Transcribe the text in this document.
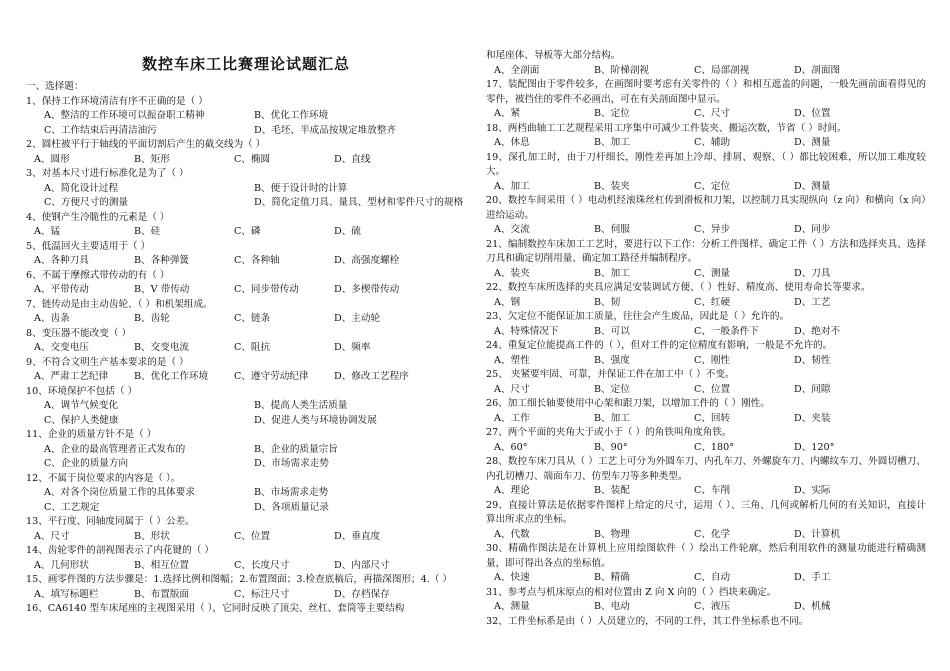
数控车床工比赛理论试题汇总
一、选择题：
1、保持工作环境清洁有序不正确的是（ ）
A、整洁的工作环境可以振奋职工精神	B、优化工作环境
C、工作结束后再清洁油污	D、毛坯、半成品按规定堆放整齐
2、圆柱被平行于轴线的平面切割后产生的截交线为（ ）
A、圆形	B、矩形	C、椭圆	D、直线
3、对基本尺寸进行标准化是为了（ ）
A、简化设计过程	B、便于设计时的计算
C、方便尺寸的测量	D、简化定值刀具、量具、型材和零件尺寸的规格
4、使钢产生冷脆性的元素是（ ）
A、锰	B、硅	C、磷	D、硫
5、低温回火主要适用于（ ）
A、各种刀具	B、各种弹簧	C、各种轴	D、高强度螺栓
6、不属于摩擦式带传动的有（ ）
A、平带传动	B、V 带传动	C、同步带传动	D、多楔带传动
7、链传动是由主动齿轮、（ ）和机架组成。
A、齿条	B、齿轮	C、链条	D、主动轮
8、变压器不能改变（ ）
A、交变电压	B、交变电流	C、阻抗	D、频率
9、不符合文明生产基本要求的是（ ）
A、严肃工艺纪律	B、优化工作环境	C、遵守劳动纪律	D、修改工艺程序
10、环境保护不包括（ ）
A、调节气候变化	B、提高人类生活质量
C、保护人类健康	D、促进人类与环境协调发展
11、企业的质量方针不是（ ）
A、企业的最高管理者正式发布的	B、企业的质量宗旨
C、企业的质量方向	D、市场需求走势
12、不属于岗位要求的内容是（ ）。
A、对各个岗位质量工作的具体要求	B、市场需求走势
C、工艺规定	D、各项质量记录
13、平行度、同轴度同属于（ ）公差。
A、尺寸	B、形状	C、位置	D、垂直度
14、齿轮零件的剖视图表示了内花键的（ ）
A、几何形状	B、相互位置	C、长度尺寸	D、内部尺寸
15、画零件图的方法步骤是：1.选择比例和图幅；2.布置图面；3.检查底稿后，再描深图形；4.（ ）
A、填写标题栏	B、布置版面	C、标注尺寸	D、存档保存
16、CA6140 型车床尾座的主视图采用（ ），它同时反映了顶尖、丝杠、套筒等主要结构
和尾座体、导板等大部分结构。
A、全剖面	B、阶梯剖视	C、局部剖视	D、剖面图
17、装配图由于零件较多，在画图时要考虑有关零件的（ ）和相互遮盖的问题，一般先画前面看得见的零件，被挡住的零件不必画出，可在有关剖面图中显示。
A、紧	B、定位	C、尺寸	D、位置
18、两档曲轴工工艺规程采用工序集中可减少工件装夹、搬运次数，节省（ ）时间。
A、休息	B、加工	C、辅助	D、测量
19、深孔加工时，由于刀杆细长，刚性差再加上冷却、排屑、观察、（ ）都比较困难，所以加工难度较大。
A、加工	B、装夹	C、定位	D、测量
20、数控车间采用（ ）电动机经滚珠丝杠传到滑板和刀架，以控制刀具实现纵向（z 向）和横向（x 向）进给运动。
A、交流	B、伺服	C、异步	D、同步
21、编制数控车床加工工艺时，要进行以下工作：分析工件图样、确定工件（ ）方法和选择夹具、选择刀具和确定切削用量、确定加工路径并编制程序。
A、装夹	B、加工	C、测量	D、刀具
22、数控车床所选择的夹具应满足安装调试方便、（ ）性好、精度高、使用寿命长等要求。
A、钢	B、韧	C、红硬	D、工艺
23、欠定位不能保证加工质量，往往会产生废品，因此是（ ）允许的。
A、特殊情况下	B、可以	C、一般条件下	D、绝对不
24、重复定位能提高工件的（ ），但对工件的定位精度有影响，一般是不允许的。
A、塑性	B、强度	C、刚性	D、韧性
25、 夹紧要牢固、可靠，并保证工件在加工中（ ）不变。
A、尺寸	B、定位	C、位置	D、间隙
26、加工细长轴要使用中心架和跟刀架，以增加工件的（ ）刚性。
A、工作	B、加工	C、回转	D、夹装
27、两个平面的夹角大于或小于（ ）的角铁叫角度角铁。
A、60°	B、90°	C、180°	D、120°
28、数控车床刀具从（ ）工艺上可分为外圆车刀、内孔车刀、外螺旋车刀、内螺纹车刀、外圆切槽刀、内孔切槽刀、端面车刀、仿型车刀等多种类型。
A、理论	B、装配	C、车削	D、实际
29、直接计算法是依据零件图样上给定的尺寸，运用（ ）、三角、几何或解析几何的有关知识，直接计算出所求点的坐标。
A、代数	B、物理	C、化学	D、计算机
30、精确作图法是在计算机上应用绘图软件（ ）绘出工件轮廓，然后利用软件的测量功能进行精确测量，即可得出各点的坐标值。
A、快速	B、精确	C、自动	D、手工
31、参考点与机床原点的相对位置由 Z 向 X 向的（ ）挡块来确定。
A、测量	B、电动	C、液压	D、机械
32、工件坐标系是由（ ）人员建立的，不同的工件，其工件坐标系也不同。
